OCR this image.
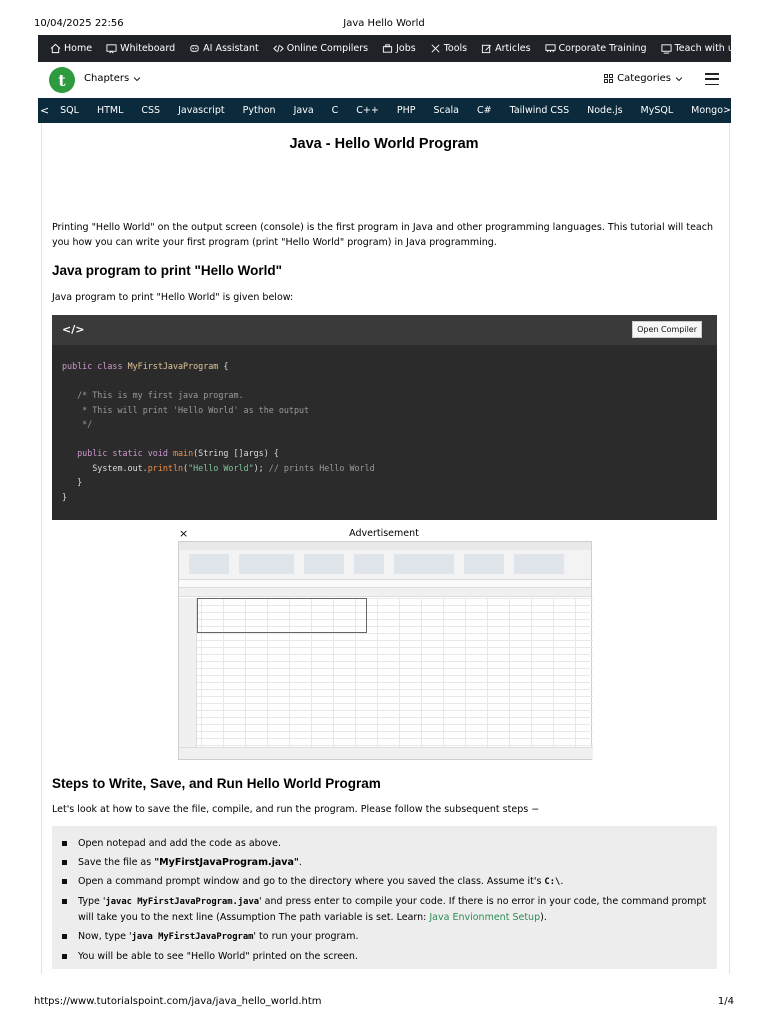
10/04/2025 22:56	Java Hello World
Home	Whiteboard	AI Assistant	Online Compilers	Jobs	Tools	Articles	Corporate Training	Teach with us
t	Chapters	Categories
<	SQL	HTML	CSS	Javascript	Python	Java	C	C++	PHP	Scala	C#	Tailwind CSS	Node.js	MySQL	Mongo>
Java - Hello World Program

Printing "Hello World" on the output screen (console) is the first program in Java and other programming languages. This tutorial will teach you how you can write your first program (print "Hello World" program) in Java programming.

Java program to print "Hello World"

Java program to print "Hello World" is given below:

</>	Open Compiler
public class MyFirstJavaProgram {

/* This is my first java program.
* This will print 'Hello World' as the output
*/

public static void main(String []args) {
System.out.println("Hello World"); // prints Hello World
}
}
×	Advertisement
Steps to Write, Save, and Run Hello World Program

Let's look at how to save the file, compile, and run the program. Please follow the subsequent steps −

Open notepad and add the code as above.
Save the file as "MyFirstJavaProgram.java".
Open a command prompt window and go to the directory where you saved the class. Assume it's C:\.
Type 'javac MyFirstJavaProgram.java' and press enter to compile your code. If there is no error in your code, the command prompt will take you to the next line (Assumption The path variable is set. Learn: Java Envionment Setup).
Now, type 'java MyFirstJavaProgram' to run your program.
You will be able to see "Hello World" printed on the screen.
https://www.tutorialspoint.com/java/java_hello_world.htm	1/4
